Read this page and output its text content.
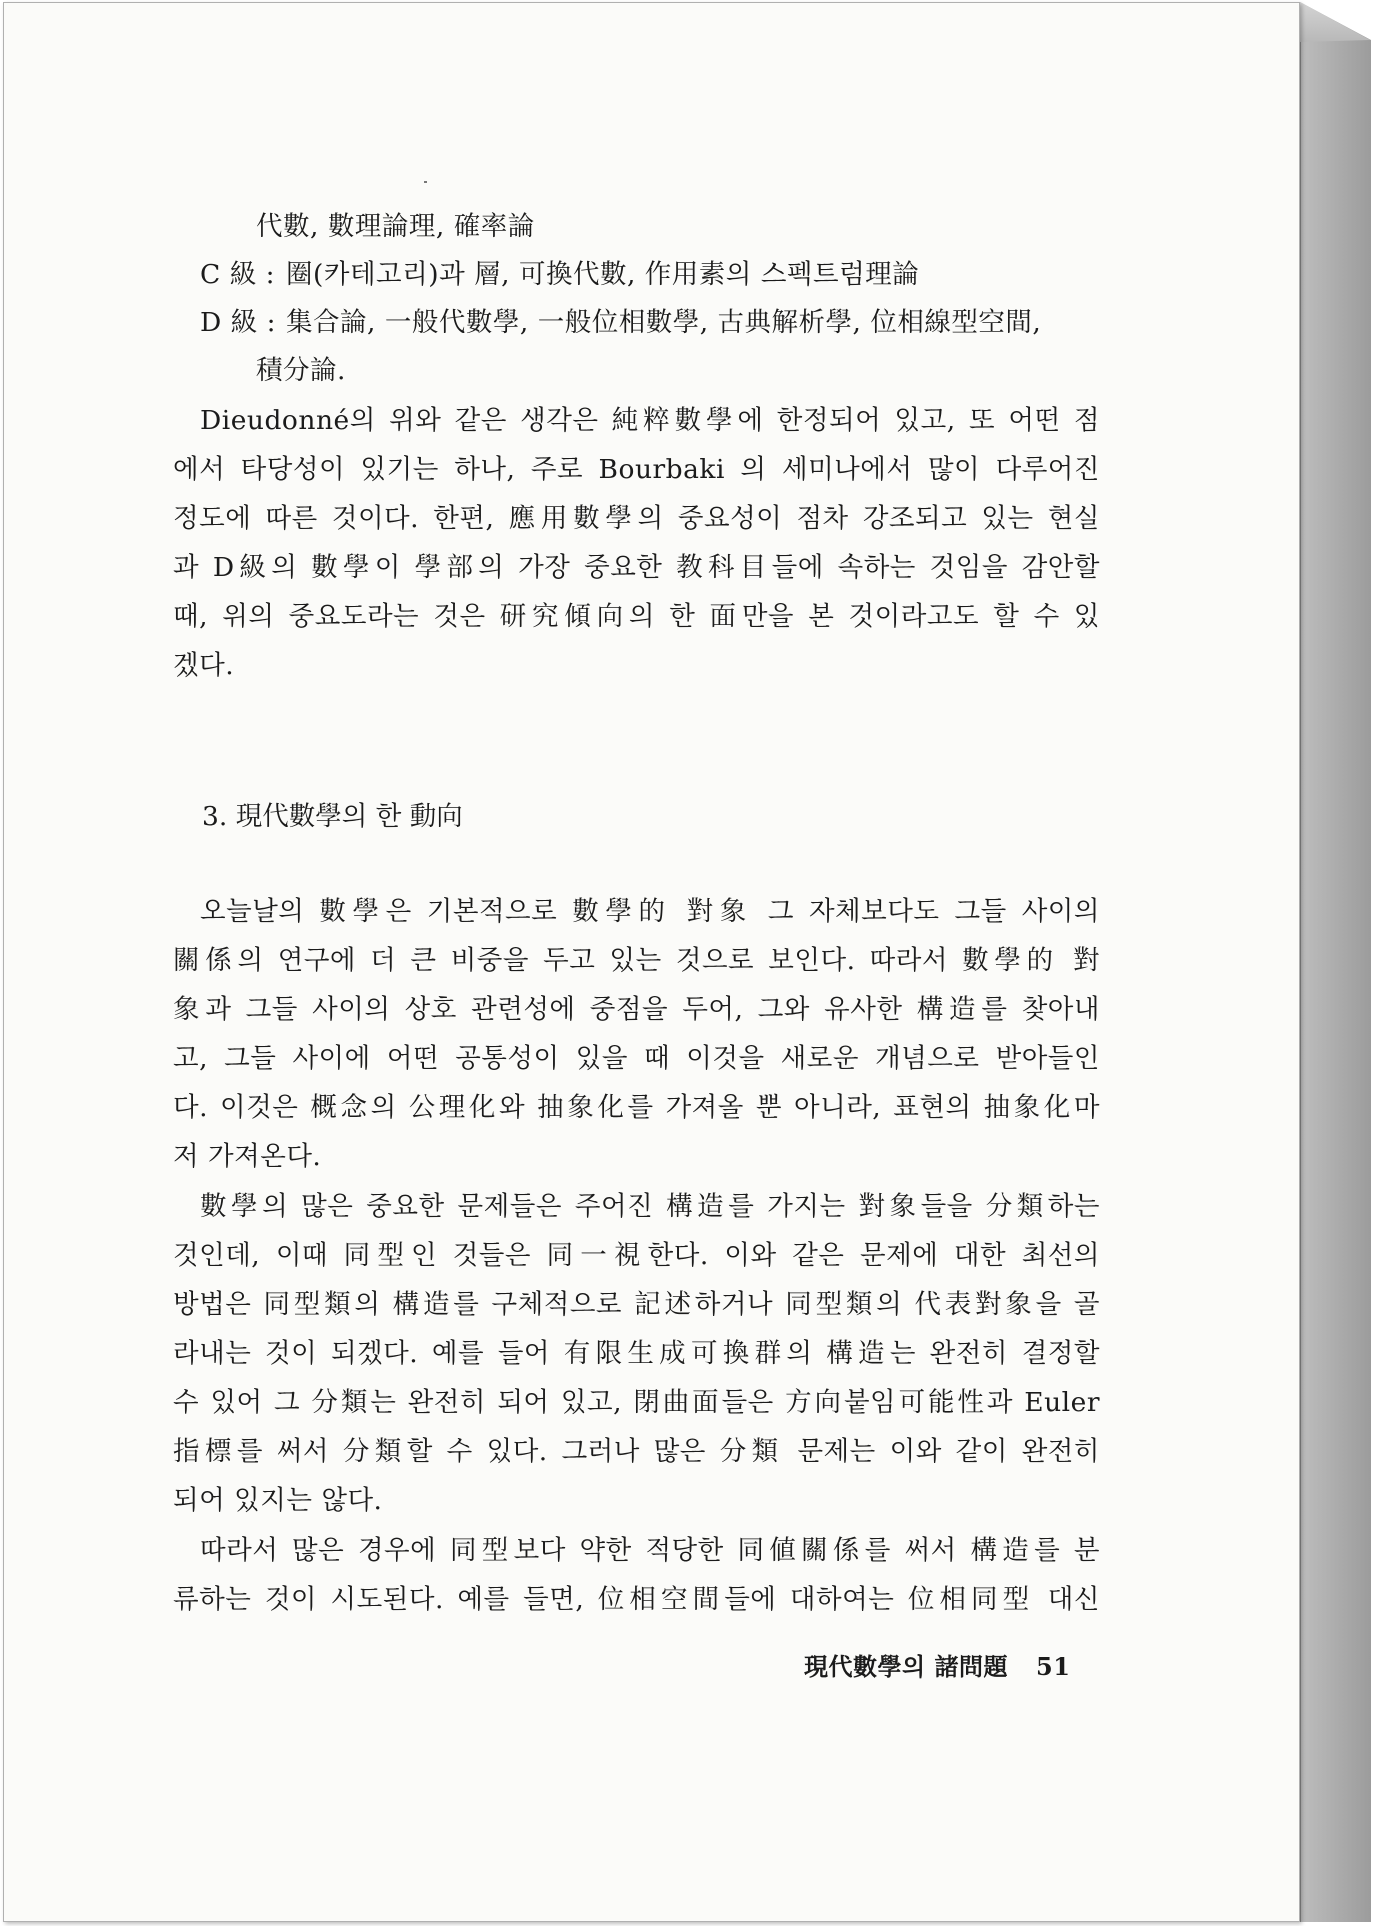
代數, 數理論理, 確率論
C 級 : 圈(카테고리)과 層, 可換代數, 作用素의 스펙트럼理論
D 級 : 集合論, 一般代數學, 一般位相數學, 古典解析學, 位相線型空間,
積分論.
Dieudonné의 위와 같은 생각은 純粹數學에 한정되어 있고, 또 어떤 점
에서 타당성이 있기는 하나, 주로 Bourbaki 의 세미나에서 많이 다루어진
정도에 따른 것이다. 한편, 應用數學의 중요성이 점차 강조되고 있는 현실
과 D級의 數學이 學部의 가장 중요한 教科目들에 속하는 것임을 감안할
때, 위의 중요도라는 것은 研究傾向의 한 面만을 본 것이라고도 할 수 있
겠다.
3. 現代數學의 한 動向
오늘날의 數學은 기본적으로 數學的 對象 그 자체보다도 그들 사이의
關係의 연구에 더 큰 비중을 두고 있는 것으로 보인다. 따라서 數學的 對
象과 그들 사이의 상호 관련성에 중점을 두어, 그와 유사한 構造를 찾아내
고, 그들 사이에 어떤 공통성이 있을 때 이것을 새로운 개념으로 받아들인
다. 이것은 概念의 公理化와 抽象化를 가져올 뿐 아니라, 표현의 抽象化마
저 가져온다.
數學의 많은 중요한 문제들은 주어진 構造를 가지는 對象들을 分類하는
것인데, 이때 同型인 것들은 同一視한다. 이와 같은 문제에 대한 최선의
방법은 同型類의 構造를 구체적으로 記述하거나 同型類의 代表對象을 골
라내는 것이 되겠다. 예를 들어 有限生成可換群의 構造는 완전히 결정할
수 있어 그 分類는 완전히 되어 있고, 閉曲面들은 方向붙임可能性과 Euler
指標를 써서 分類할 수 있다. 그러나 많은 分類 문제는 이와 같이 완전히
되어 있지는 않다.
따라서 많은 경우에 同型보다 약한 적당한 同値關係를 써서 構造를 분
류하는 것이 시도된다. 예를 들면, 位相空間들에 대하여는 位相同型 대신
現代數學의 諸問題 51
